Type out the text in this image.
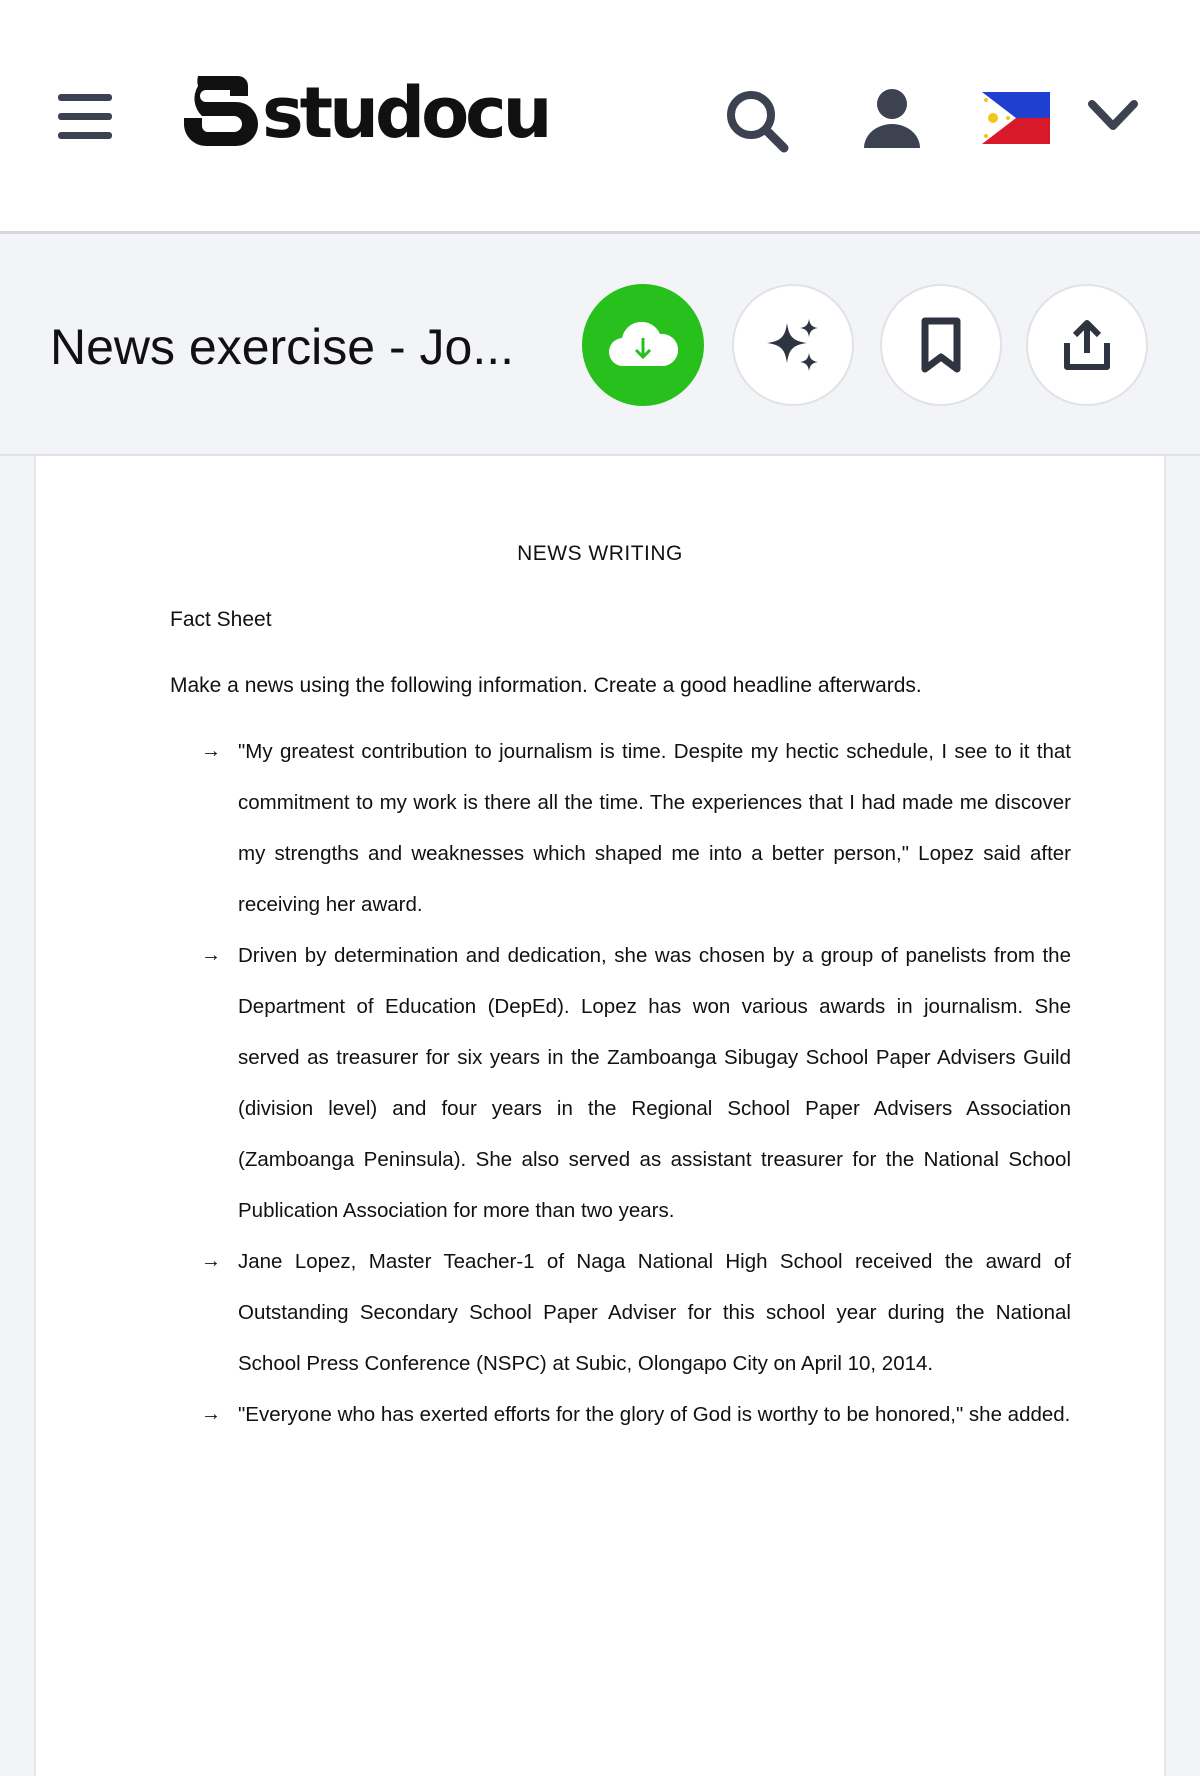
studocu
News exercise - Jo...
NEWS WRITING
Fact Sheet
Make a news using the following information. Create a good headline afterwards.
→ "My greatest contribution to journalism is time. Despite my hectic schedule, I see to it that commitment to my work is there all the time. The experiences that I had made me discover my strengths and weaknesses which shaped me into a better person," Lopez said after receiving her award.
→ Driven by determination and dedication, she was chosen by a group of panelists from the Department of Education (DepEd). Lopez has won various awards in journalism. She served as treasurer for six years in the Zamboanga Sibugay School Paper Advisers Guild (division level) and four years in the Regional School Paper Advisers Association (Zamboanga Peninsula). She also served as assistant treasurer for the National School Publication Association for more than two years.
→ Jane Lopez, Master Teacher-1 of Naga National High School received the award of Outstanding Secondary School Paper Adviser for this school year during the National School Press Conference (NSPC) at Subic, Olongapo City on April 10, 2014.
→ "Everyone who has exerted efforts for the glory of God is worthy to be honored," she added.
